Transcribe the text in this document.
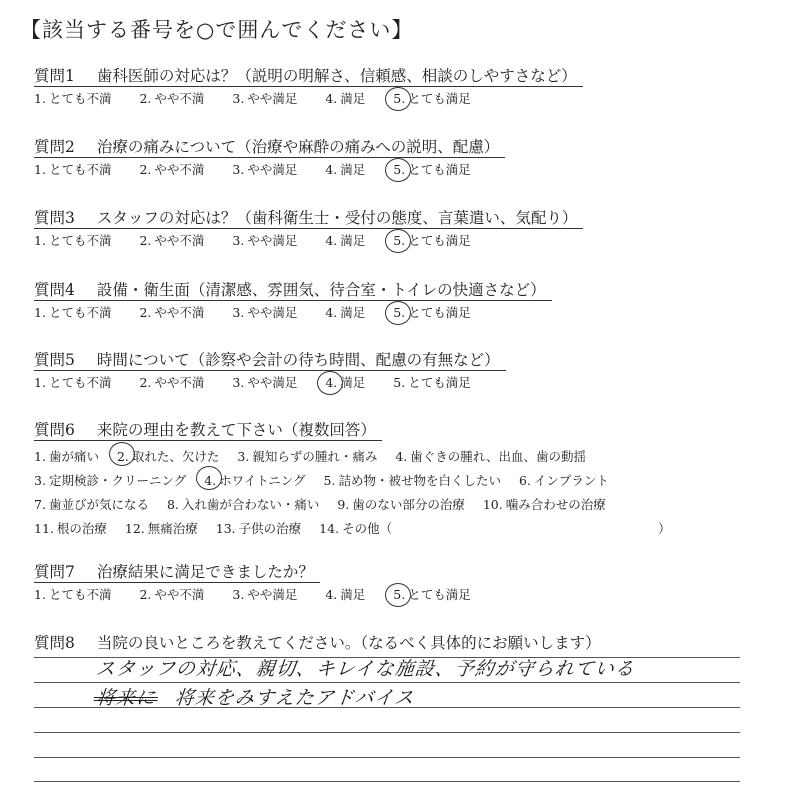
【該当する番号を○で囲んでください】
質問1 歯科医師の対応は？（説明の明解さ、信頼感、相談のしやすさなど）
1. とても不満 2. やや不満 3. やや満足 4. 満足 5. とても満足
質問2 治療の痛みについて（治療や麻酔の痛みへの説明、配慮）
1. とても不満 2. やや不満 3. やや満足 4. 満足 5. とても満足
質問3 スタッフの対応は？（歯科衛生士・受付の態度、言葉遣い、気配り）
1. とても不満 2. やや不満 3. やや満足 4. 満足 5. とても満足
質問4 設備・衛生面（清潔感、雰囲気、待合室・トイレの快適さなど）
1. とても不満 2. やや不満 3. やや満足 4. 満足 5. とても満足
質問5 時間について（診察や会計の待ち時間、配慮の有無など）
1. とても不満 2. やや不満 3. やや満足 4. 満足 5. とても満足
質問6 来院の理由を教えて下さい（複数回答）
1. 歯が痛い 2. 取れた、欠けた 3. 親知らずの腫れ・痛み 4. 歯ぐきの腫れ、出血、歯の動揺
3. 定期検診・クリーニング 4. ホワイトニング 5. 詰め物・被せ物を白くしたい 6. インプラント
7. 歯並びが気になる 8. 入れ歯が合わない・痛い 9. 歯のない部分の治療 10. 噛み合わせの治療
11. 根の治療 12. 無痛治療 13. 子供の治療 14. その他（	）
質問7 治療結果に満足できましたか？
1. とても不満 2. やや不満 3. やや満足 4. 満足 5. とても満足
質問8 当院の良いところを教えてください。（なるべく具体的にお願いします）
スタッフの対応、親切、キレイな施設、予約が守られている
将来に 将来をみすえたアドバイス
